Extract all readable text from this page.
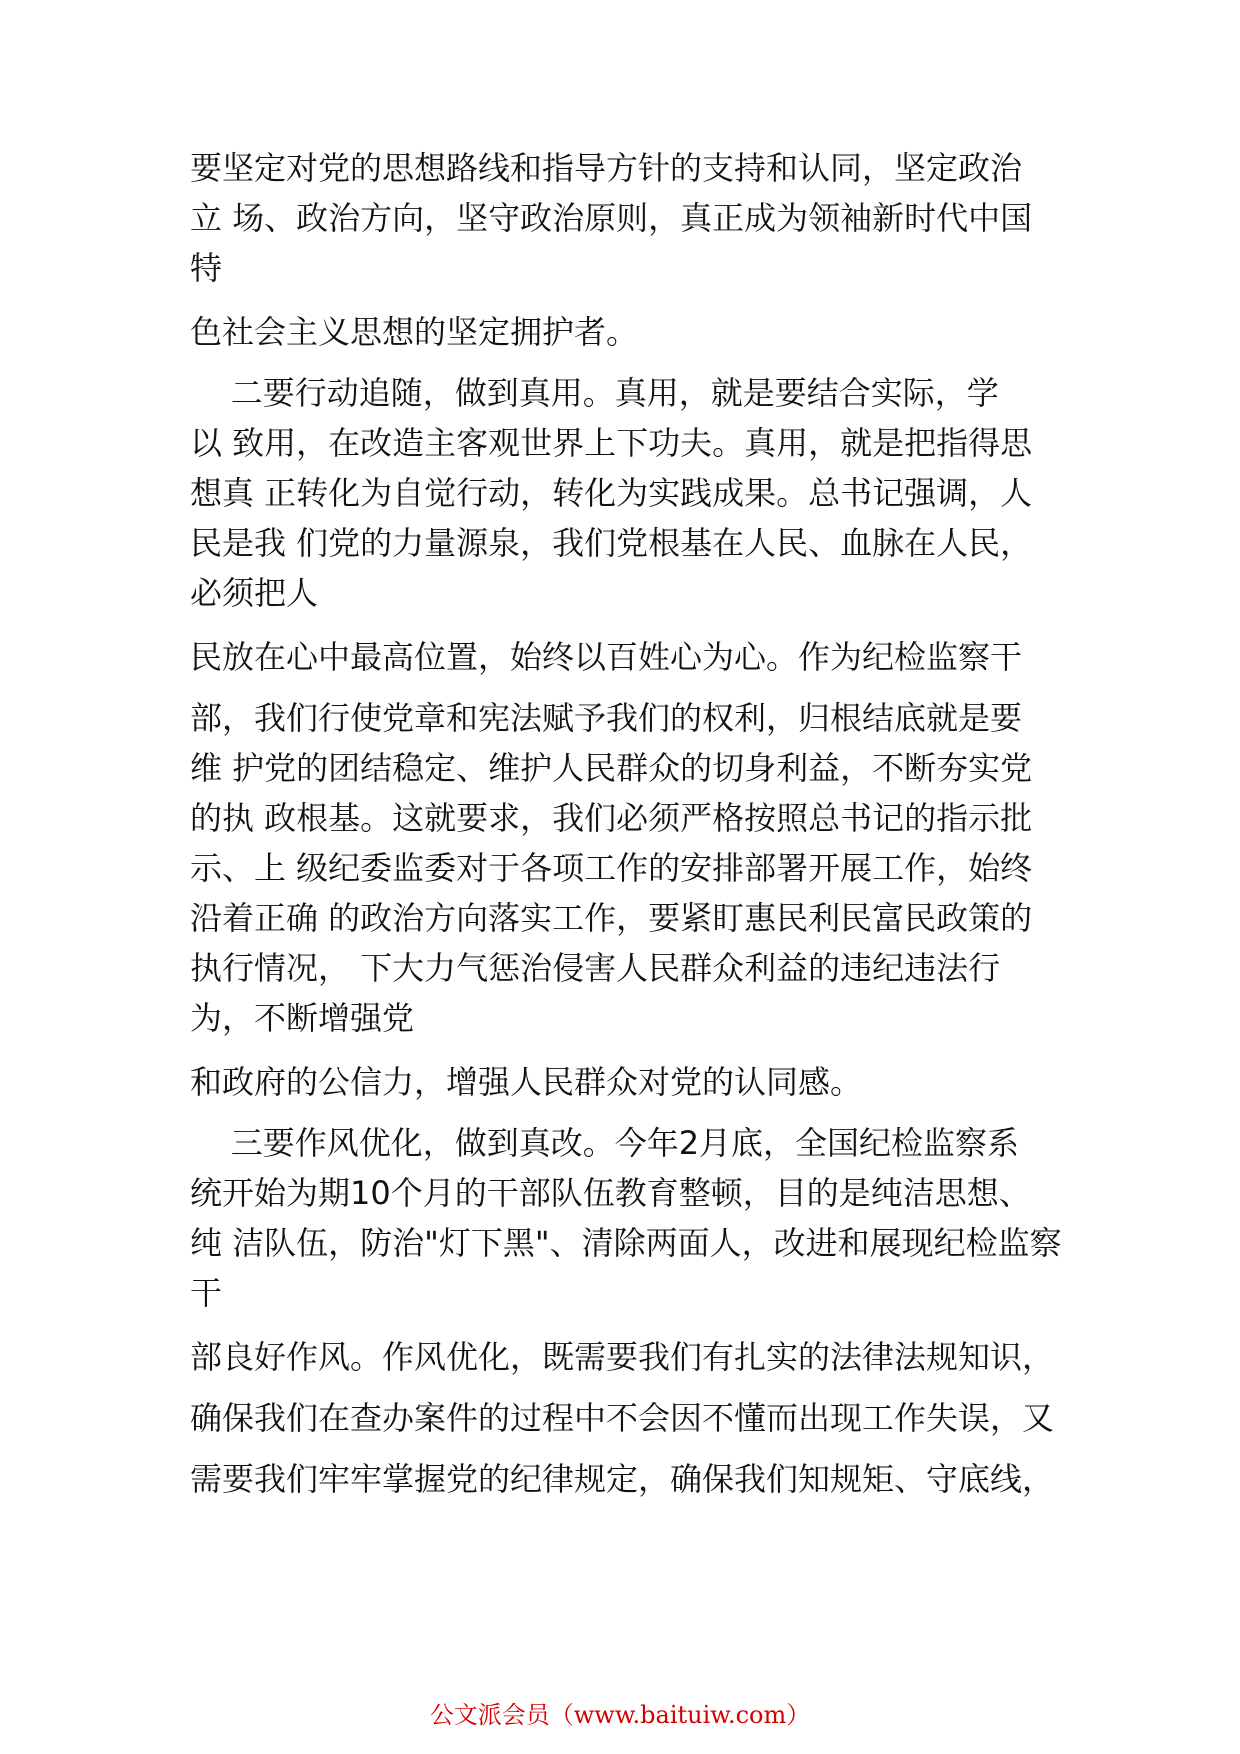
要坚定对党的思想路线和指导方针的支持和认同，坚定政治
立 场、政治方向，坚守政治原则，真正成为领袖新时代中国
特
色社会主义思想的坚定拥护者。
二要行动追随，做到真用。真用，就是要结合实际，学
以 致用，在改造主客观世界上下功夫。真用，就是把指得思
想真 正转化为自觉行动，转化为实践成果。总书记强调，人
民是我 们党的力量源泉，我们党根基在人民、血脉在人民，
必须把人
民放在心中最高位置，始终以百姓心为心。作为纪检监察干
部，我们行使党章和宪法赋予我们的权利，归根结底就是要
维 护党的团结稳定、维护人民群众的切身利益，不断夯实党
的执 政根基。这就要求，我们必须严格按照总书记的指示批
示、上 级纪委监委对于各项工作的安排部署开展工作，始终
沿着正确 的政治方向落实工作，要紧盯惠民利民富民政策的
执行情况， 下大力气惩治侵害人民群众利益的违纪违法行
为，不断增强党
和政府的公信力，增强人民群众对党的认同感。
三要作风优化，做到真改。今年2月底，全国纪检监察系
统开始为期10个月的干部队伍教育整顿，目的是纯洁思想、
纯 洁队伍，防治"灯下黑"、清除两面人，改进和展现纪检监察
干
部良好作风。作风优化，既需要我们有扎实的法律法规知识，
确保我们在查办案件的过程中不会因不懂而出现工作失误，又
需要我们牢牢掌握党的纪律规定，确保我们知规矩、守底线，
公文派会员（www.baituiw.com）
